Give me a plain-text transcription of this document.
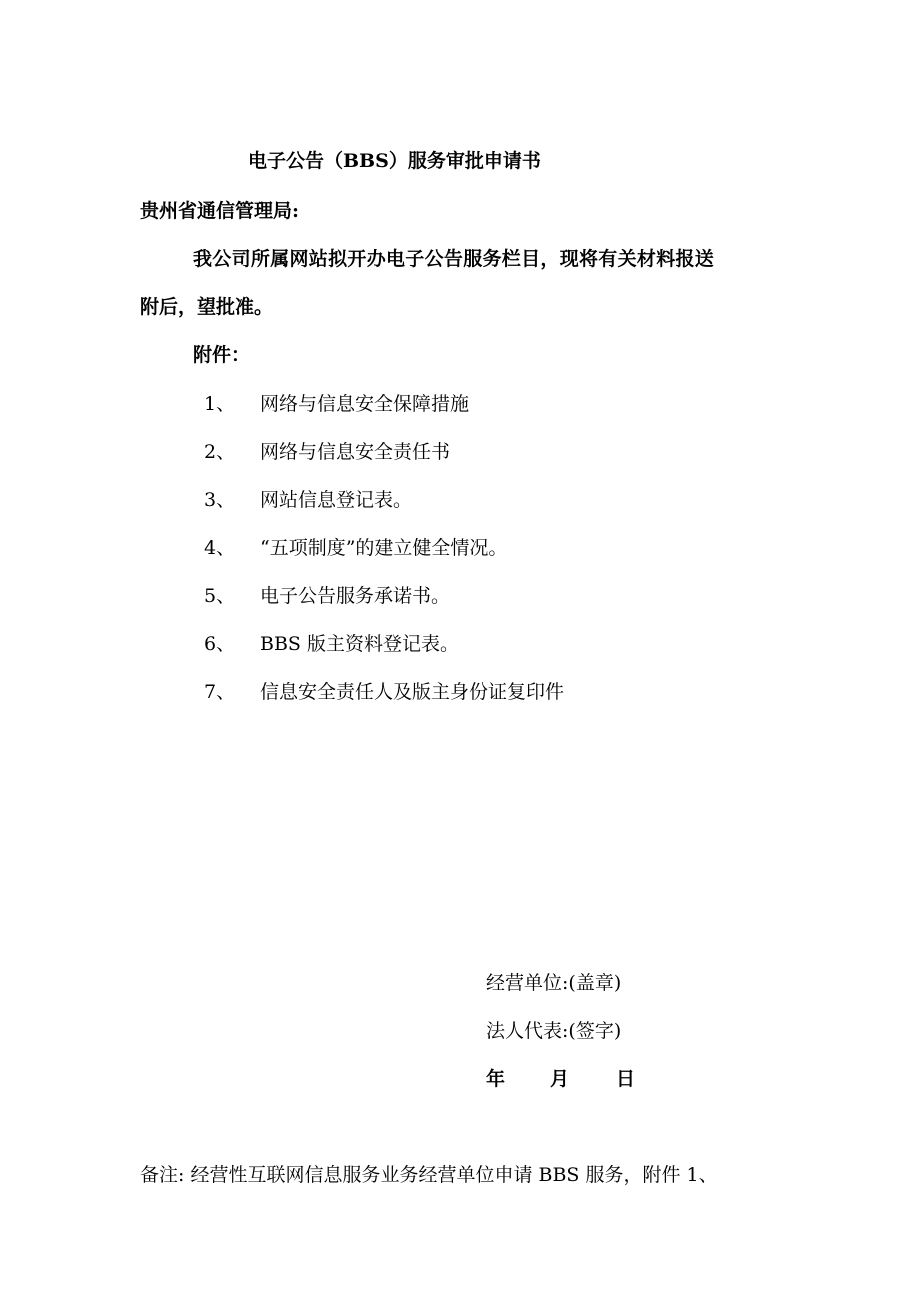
电子公告（BBS）服务审批申请书
贵州省通信管理局:
我公司所属网站拟开办电子公告服务栏目，现将有关材料报送
附后，望批准。
附件：
1、 网络与信息安全保障措施
2、 网络与信息安全责任书
3、 网站信息登记表。
4、 “五项制度”的建立健全情况。
5、 电子公告服务承诺书。
6、 BBS 版主资料登记表。
7、 信息安全责任人及版主身份证复印件
经营单位:(盖章)
法人代表:(签字)
年 月 日
备注: 经营性互联网信息服务业务经营单位申请 BBS 服务，附件 1、
